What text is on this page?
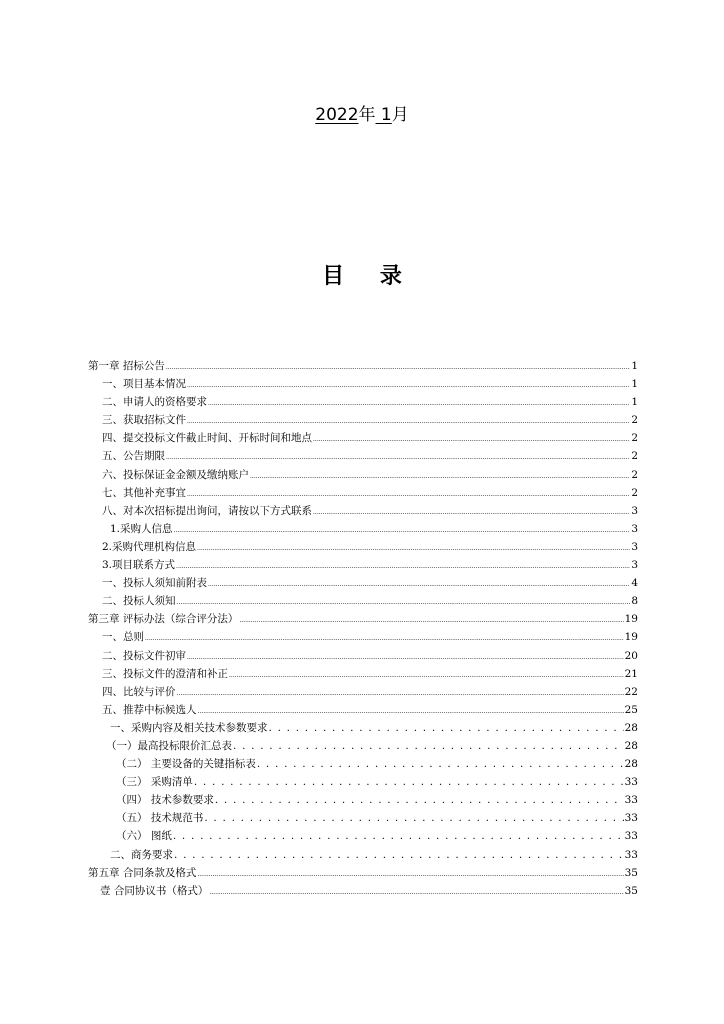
2022年 1月
目 录
第一章 招标公告 .....	1
一、项目基本情况 .....	1
二、申请人的资格要求 .....	1
三、获取招标文件 .....	2
四、提交投标文件截止时间、开标时间和地点 .....	2
五、公告期限 .....	2
六、投标保证金金额及缴纳账户 .....	2
七、其他补充事宜 .....	2
八、对本次招标提出询问，请按以下方式联系 .....	3
1.采购人信息 .....	3
2.采购代理机构信息 .....	3
3.项目联系方式 .....	3
一、投标人须知前附表 .....	4
二、投标人须知 .....	8
第三章 评标办法（综合评分法） .....	19
一、总则 .....	19
二、投标文件初审 .....	20
三、投标文件的澄清和补正 .....	21
四、比较与评价 .....	22
五、推荐中标候选人 .....	25
一、采购内容及相关技术参数要求 . . .	28
（一）最高投标限价汇总表 . . .	28
（二） 主要设备的关键指标表 . . .	28
（三） 采购清单 . . .	33
（四） 技术参数要求 . . .	33
（五） 技术规范书 . . .	33
（六） 图纸 . . .	33
二、商务要求 . . .	33
第五章 合同条款及格式 .....	35
壹 合同协议书（格式） .....	35
